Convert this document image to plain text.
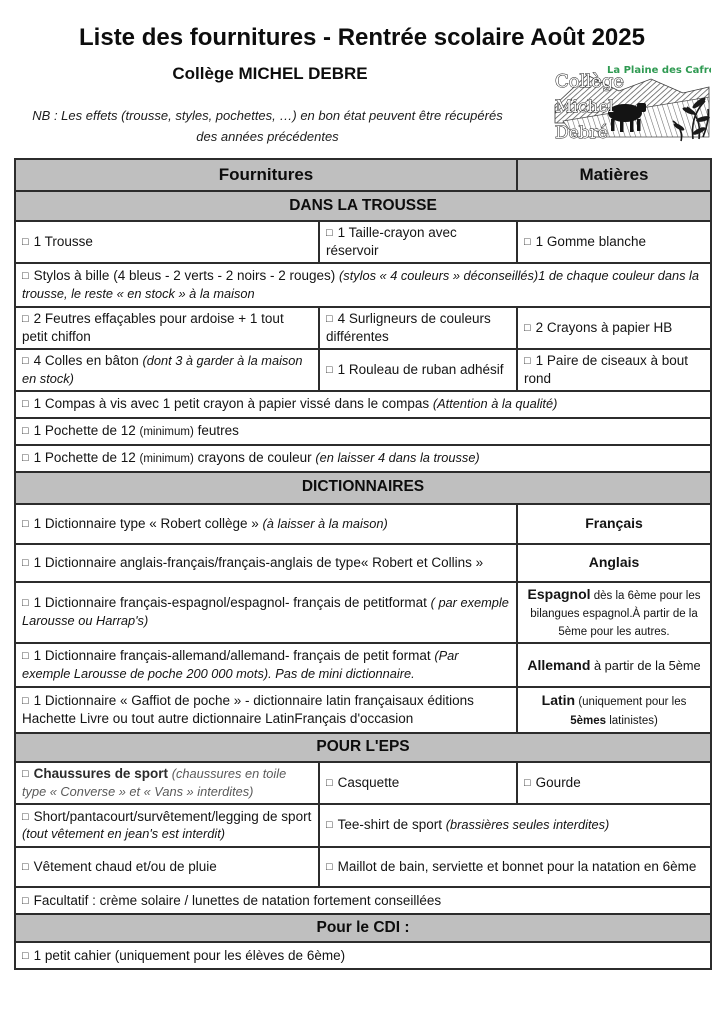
Liste des fournitures - Rentrée scolaire Août 2025
Collège MICHEL DEBRE
NB : Les effets (trousse, styles, pochettes, …) en bon état peuvent être récupérés
des années précédentes
Collège
Michel
Debré
La Plaine des Cafres
Fournitures		Matières
DANS LA TROUSSE		
□ 1 Trousse	□ 1 Taille-crayon avec réservoir	□ 1 Gomme blanche
□ Stylos à bille (4 bleus - 2 verts - 2 noirs - 2 rouges) (stylos « 4 couleurs » déconseillés)1 de chaque couleur dans la trousse, le reste « en stock » à la maison		
□ 2 Feutres effaçables pour ardoise + 1 tout petit chiffon	□ 4 Surligneurs de couleurs différentes	□ 2 Crayons à papier HB
□ 4 Colles en bâton (dont 3 à garder à la maison en stock)	□ 1 Rouleau de ruban adhésif	□ 1 Paire de ciseaux à bout rond
□ 1 Compas à vis avec 1 petit crayon à papier vissé dans le compas (Attention à la qualité)		
□ 1 Pochette de 12 (minimum) feutres		
□ 1 Pochette de 12 (minimum) crayons de couleur (en laisser 4 dans la trousse)		
DICTIONNAIRES		
□ 1 Dictionnaire type « Robert collège » (à laisser à la maison)		Français
□ 1 Dictionnaire anglais-français/français-anglais de type« Robert et Collins »		Anglais
□ 1 Dictionnaire français-espagnol/espagnol- français de petitformat ( par exemple Larousse ou Harrap's)		Espagnol dès la 6ème pour les bilangues espagnol.À partir de la 5ème pour les autres.
□ 1 Dictionnaire français-allemand/allemand- français de petit format (Par exemple Larousse de poche 200 000 mots). Pas de mini dictionnaire.		Allemand à partir de la 5ème
□ 1 Dictionnaire « Gaffiot de poche » - dictionnaire latin françaisaux éditions Hachette Livre ou tout autre dictionnaire LatinFrançais d'occasion		Latin (uniquement pour les 5èmes latinistes)
POUR L'EPS		
□ Chaussures de sport (chaussures en toile type « Converse » et « Vans » interdites)	□ Casquette	□ Gourde
□ Short/pantacourt/survêtement/legging de sport (tout vêtement en jean's est interdit)	□ Tee-shirt de sport (brassières seules interdites)	
□ Vêtement chaud et/ou de pluie	□ Maillot de bain, serviette et bonnet pour la natation en 6ème	
□ Facultatif : crème solaire / lunettes de natation fortement conseillées		
Pour le CDI :		
□ 1 petit cahier (uniquement pour les élèves de 6ème)		
